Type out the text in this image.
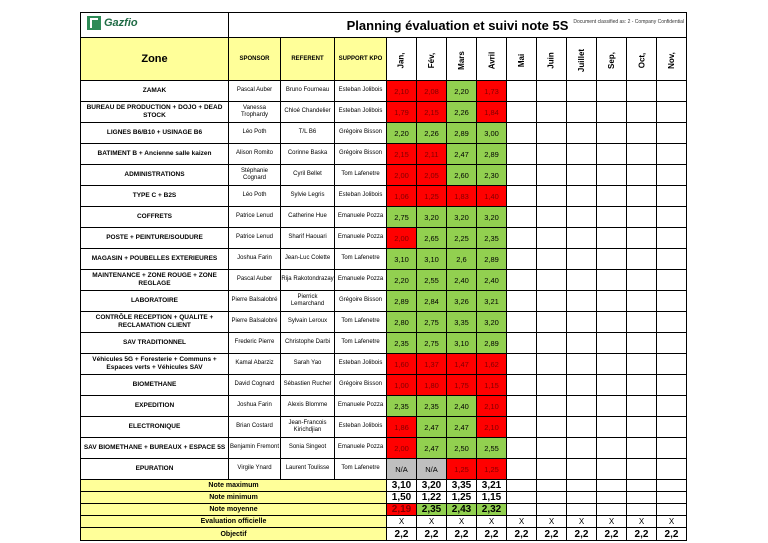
Gazfio	Planning évaluation et suivi note 5S Document classified as: 2 - Company Confidential												

Zone	SPONSOR	REFERENT	SUPPORT KPO	Jan,	Fév,	Mars	Avril	Mai	Juin	Juillet	Sep,	Oct,	Nov,
ZAMAK	Pascal Auber	Bruno Fourneau	Esteban Jolibois	2,10	2,08	2,20	1,73						
BUREAU DE PRODUCTION + DOJO + DEAD STOCK	Vanessa Trophardy	Chloé Chandelier	Esteban Jolibois	1,79	2,15	2,26	1,84						
LIGNES B6/B10 + USINAGE B6	Léo Poth	T/L B6	Grégoire Bisson	2,20	2,26	2,89	3,00						
BATIMENT B + Ancienne salle kaizen	Alison Romito	Corinne Baska	Grégoire Bisson	2,15	2,11	2,47	2,89						
ADMINISTRATIONS	Stéphanie Cognard	Cyril Bellet	Tom Lafenetre	2,00	2,05	2,60	2,30						
TYPE C + B2S	Léo Poth	Sylvie Legris	Esteban Jolibois	1,06	1,25	1,83	1,40						
COFFRETS	Patrice Lenud	Catherine Hue	Emanuele Pozza	2,75	3,20	3,20	3,20						
POSTE + PEINTURE/SOUDURE	Patrice Lenud	Sharif Haouari	Emanuele Pozza	2,00	2,65	2,25	2,35						
MAGASIN + POUBELLES EXTERIEURES	Joshua Farin	Jean-Luc Colette	Tom Lafenetre	3,10	3,10	2,6	2,89						
MAINTENANCE + ZONE ROUGE + ZONE REGLAGE	Pascal Auber	Rija Rakotondrazay	Emanuele Pozza	2,20	2,55	2,40	2,40						
LABORATOIRE	Pierre Balsalobré	Pierrick Lemarchand	Grégoire Bisson	2,89	2,84	3,26	3,21						
CONTRÔLE RECEPTION + QUALITE + RECLAMATION CLIENT	Pierre Balsalobré	Sylvain Leroux	Tom Lafenetre	2,80	2,75	3,35	3,20						
SAV TRADITIONNEL	Frederic Pierre	Christophe Darbi	Tom Lafenetre	2,35	2,75	3,10	2,89						
Véhicules 5G + Foresterie + Communs + Espaces verts + Véhicules SAV	Kamal Abarziz	Sarah Yao	Esteban Jolibois	1,60	1,37	1,47	1,62						
BIOMETHANE	David Cognard	Sébastien Rucher	Grégoire Bisson	1,00	1,80	1,75	1,15						
EXPEDITION	Joshua Farin	Alexis Blomme	Emanuele Pozza	2,35	2,35	2,40	2,10						
ELECTRONIQUE	Brian Costard	Jean-Francois Kirichdjian	Esteban Jolibois	1,86	2,47	2,47	2,10						
SAV BIOMETHANE + BUREAUX + ESPACE 5S	Benjamin Fremont	Sonia Singeot	Emanuele Pozza	2,00	2,47	2,50	2,55						
EPURATION	Virgile Ynard	Laurent Toulisse	Tom Lafenetre	N/A	N/A	1,25	1,25						
Note maximum				3,10	3,20	3,35	3,21						
Note minimum				1,50	1,22	1,25	1,15						
Note moyenne				2,19	2,35	2,43	2,32						
Evaluation officielle				X	X	X	X	X	X	X	X	X	X
Objectif				2,2	2,2	2,2	2,2	2,2	2,2	2,2	2,2	2,2	2,2
